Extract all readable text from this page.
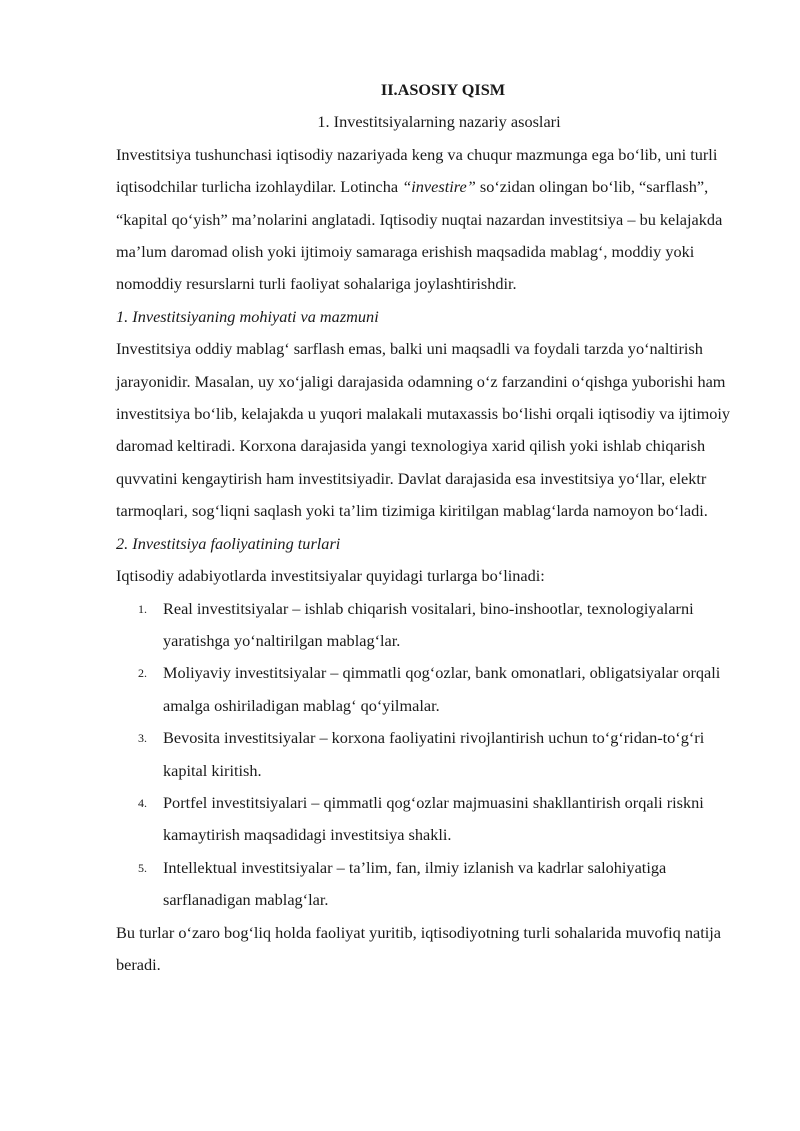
II.ASOSIY QISM

1. Investitsiyalarning nazariy asoslari

Investitsiya tushunchasi iqtisodiy nazariyada keng va chuqur mazmunga ega bo‘lib, uni turli iqtisodchilar turlicha izohlaydilar. Lotincha “investire” so‘zidan olingan bo‘lib, “sarflash”, “kapital qo‘yish” ma’nolarini anglatadi. Iqtisodiy nuqtai nazardan investitsiya – bu kelajakda ma’lum daromad olish yoki ijtimoiy samaraga erishish maqsadida mablag‘, moddiy yoki nomoddiy resurslarni turli faoliyat sohalariga joylashtirishdir.

1. Investitsiyaning mohiyati va mazmuni

Investitsiya oddiy mablag‘ sarflash emas, balki uni maqsadli va foydali tarzda yo‘naltirish jarayonidir. Masalan, uy xo‘jaligi darajasida odamning o‘z farzandini o‘qishga yuborishi ham investitsiya bo‘lib, kelajakda u yuqori malakali mutaxassis bo‘lishi orqali iqtisodiy va ijtimoiy daromad keltiradi. Korxona darajasida yangi texnologiya xarid qilish yoki ishlab chiqarish quvvatini kengaytirish ham investitsiyadir. Davlat darajasida esa investitsiya yo‘llar, elektr tarmoqlari, sog‘liqni saqlash yoki ta’lim tizimiga kiritilgan mablag‘larda namoyon bo‘ladi.

2. Investitsiya faoliyatining turlari

Iqtisodiy adabiyotlarda investitsiyalar quyidagi turlarga bo‘linadi:

1. Real investitsiyalar – ishlab chiqarish vositalari, bino-inshootlar, texnologiyalarni yaratishga yo‘naltirilgan mablag‘lar.
2. Moliyaviy investitsiyalar – qimmatli qog‘ozlar, bank omonatlari, obligatsiyalar orqali amalga oshiriladigan mablag‘ qo‘yilmalar.
3. Bevosita investitsiyalar – korxona faoliyatini rivojlantirish uchun to‘g‘ridan-to‘g‘ri kapital kiritish.
4. Portfel investitsiyalari – qimmatli qog‘ozlar majmuasini shakllantirish orqali riskni kamaytirish maqsadidagi investitsiya shakli.
5. Intellektual investitsiyalar – ta’lim, fan, ilmiy izlanish va kadrlar salohiyatiga sarflanadigan mablag‘lar.

Bu turlar o‘zaro bog‘liq holda faoliyat yuritib, iqtisodiyotning turli sohalarida muvofiq natija beradi.
